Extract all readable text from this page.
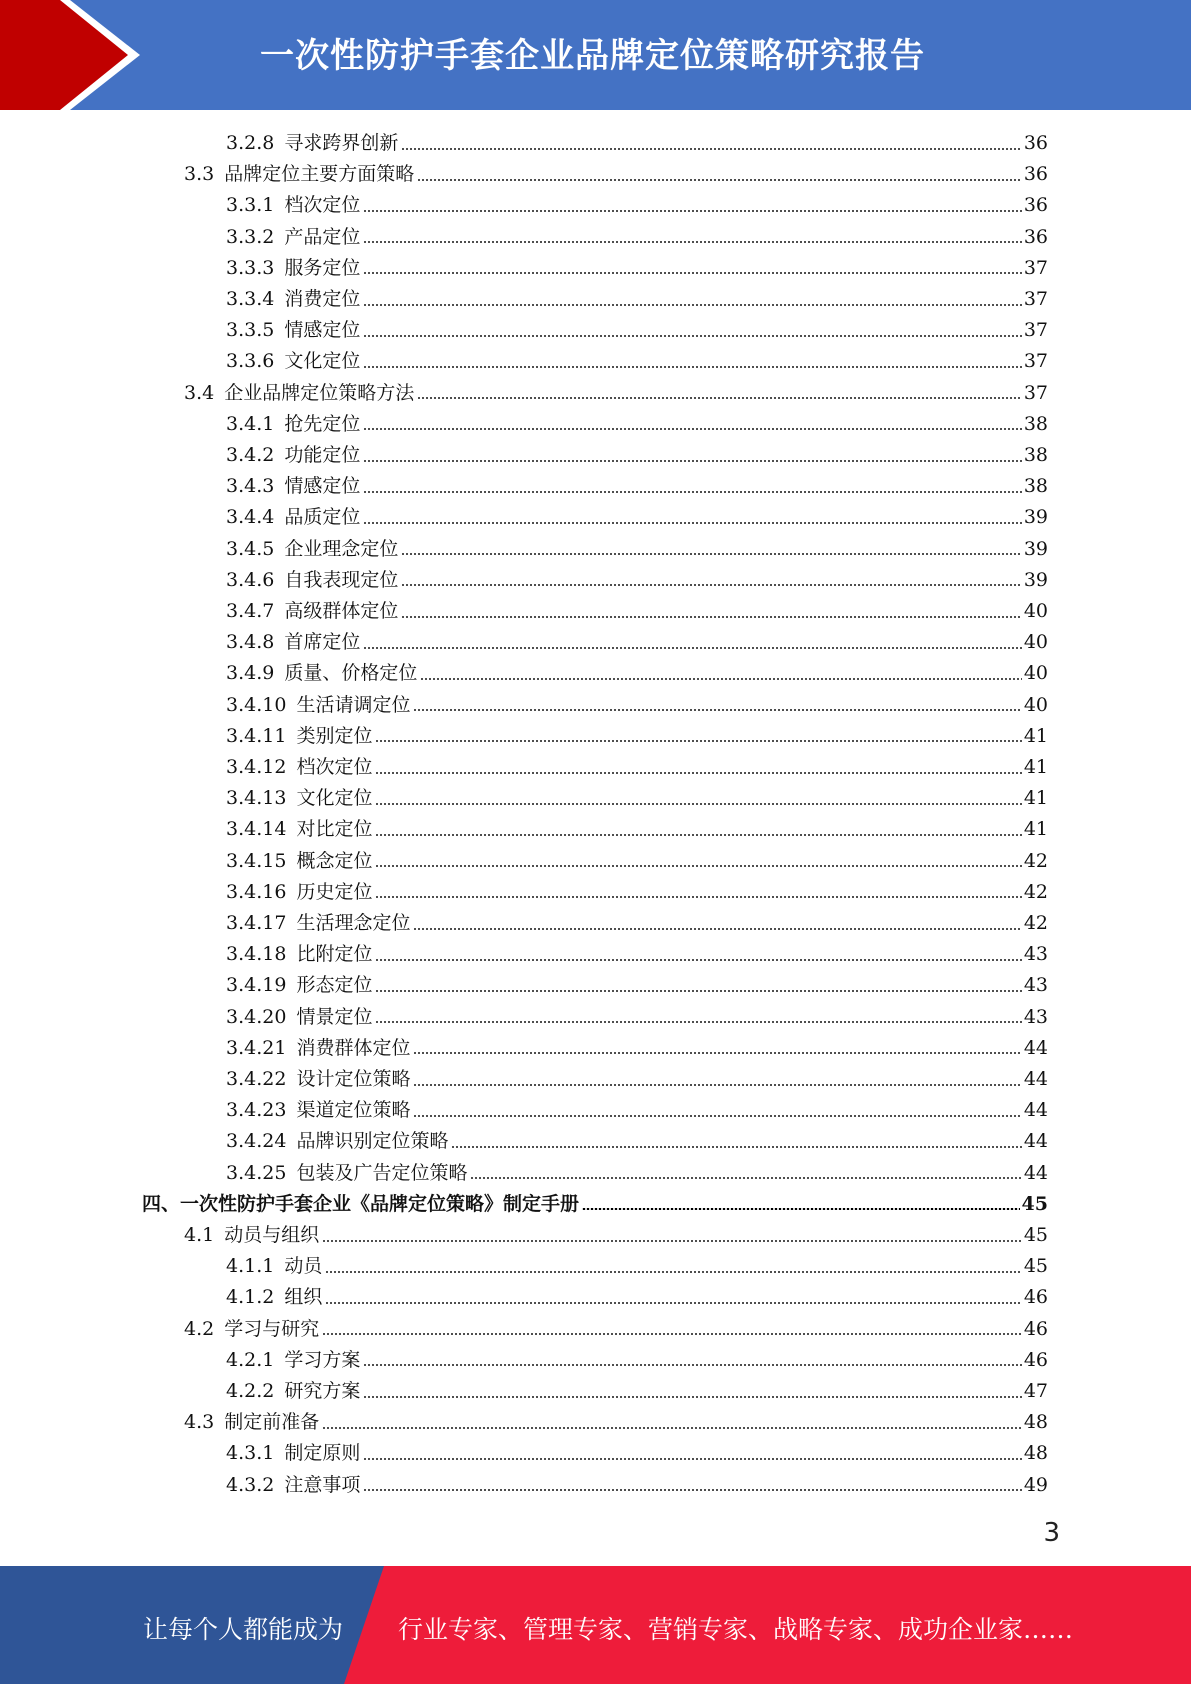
一次性防护手套企业品牌定位策略研究报告
3.2.8 寻求跨界创新	36
3.3 品牌定位主要方面策略	36
3.3.1 档次定位	36
3.3.2 产品定位	36
3.3.3 服务定位	37
3.3.4 消费定位	37
3.3.5 情感定位	37
3.3.6 文化定位	37
3.4 企业品牌定位策略方法	37
3.4.1 抢先定位	38
3.4.2 功能定位	38
3.4.3 情感定位	38
3.4.4 品质定位	39
3.4.5 企业理念定位	39
3.4.6 自我表现定位	39
3.4.7 高级群体定位	40
3.4.8 首席定位	40
3.4.9 质量、价格定位	40
3.4.10 生活请调定位	40
3.4.11 类别定位	41
3.4.12 档次定位	41
3.4.13 文化定位	41
3.4.14 对比定位	41
3.4.15 概念定位	42
3.4.16 历史定位	42
3.4.17 生活理念定位	42
3.4.18 比附定位	43
3.4.19 形态定位	43
3.4.20 情景定位	43
3.4.21 消费群体定位	44
3.4.22 设计定位策略	44
3.4.23 渠道定位策略	44
3.4.24 品牌识别定位策略	44
3.4.25 包装及广告定位策略	44
四、 一次性防护手套企业《品牌定位策略》制定手册	45
4.1 动员与组织	45
4.1.1 动员	45
4.1.2 组织	46
4.2 学习与研究	46
4.2.1 学习方案	46
4.2.2 研究方案	47
4.3 制定前准备	48
4.3.1 制定原则	48
4.3.2 注意事项	49
3
让每个人都能成为 行业专家、管理专家、营销专家、战略专家、成功企业家……
